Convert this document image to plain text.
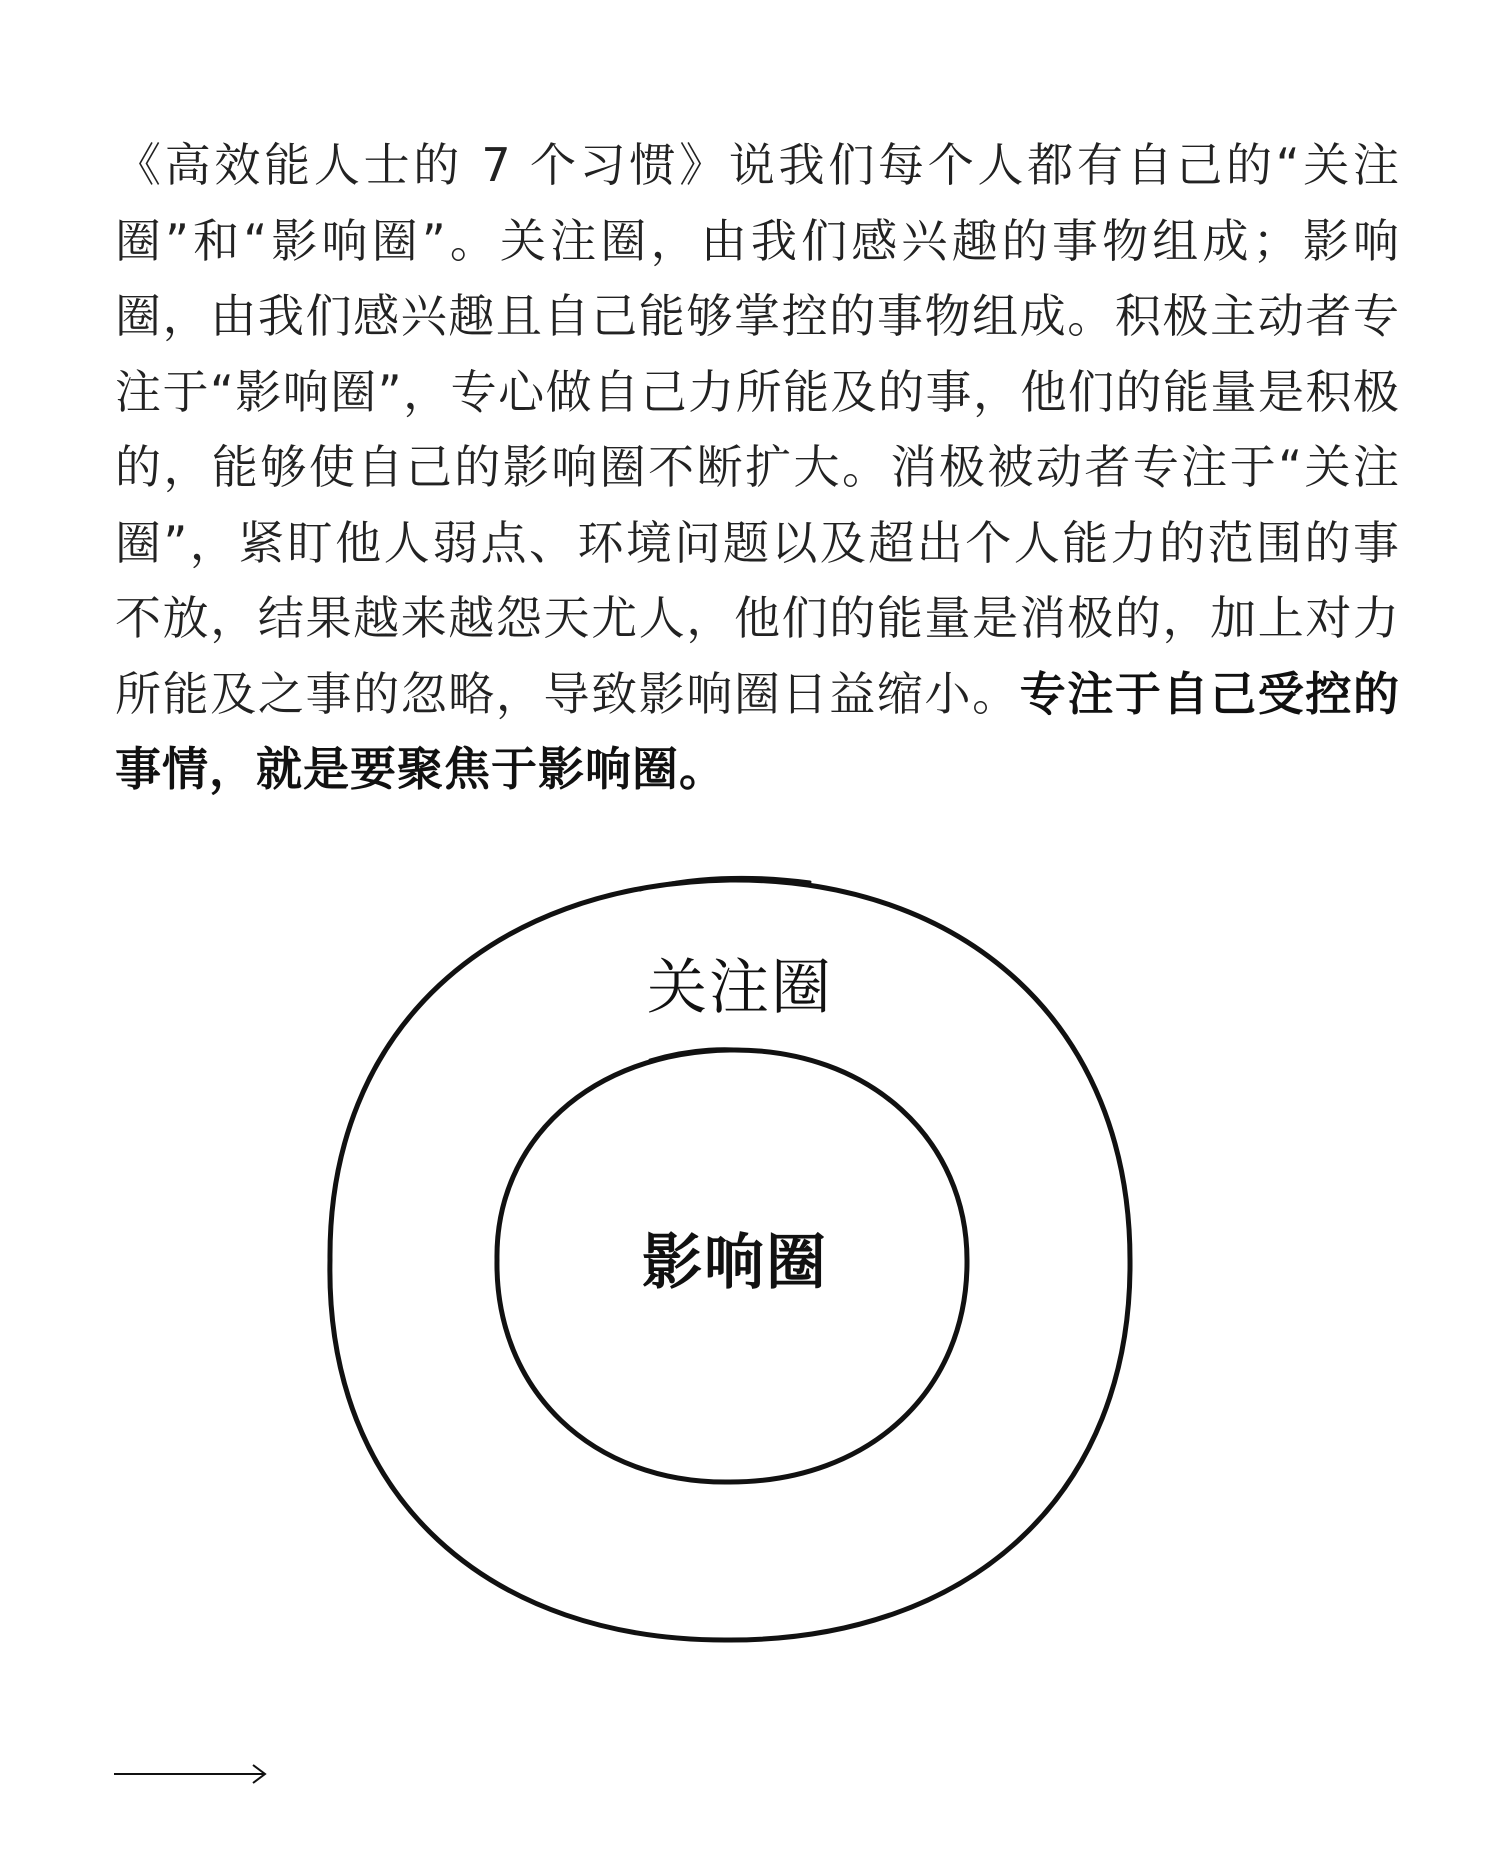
《高效能人士的 7 个习惯》说我们每个人都有自己的“关注圈”和“影响圈”。关注圈，由我们感兴趣的事物组成；影响圈，由我们感兴趣且自己能够掌控的事物组成。积极主动者专注于“影响圈”，专心做自己力所能及的事，他们的能量是积极的，能够使自己的影响圈不断扩大。消极被动者专注于“关注圈”，紧盯他人弱点、环境问题以及超出个人能力的范围的事不放，结果越来越怨天尤人，他们的能量是消极的，加上对力所能及之事的忽略，导致影响圈日益缩小。专注于自己受控的事情，就是要聚焦于影响圈。

关注圈
影响圈
